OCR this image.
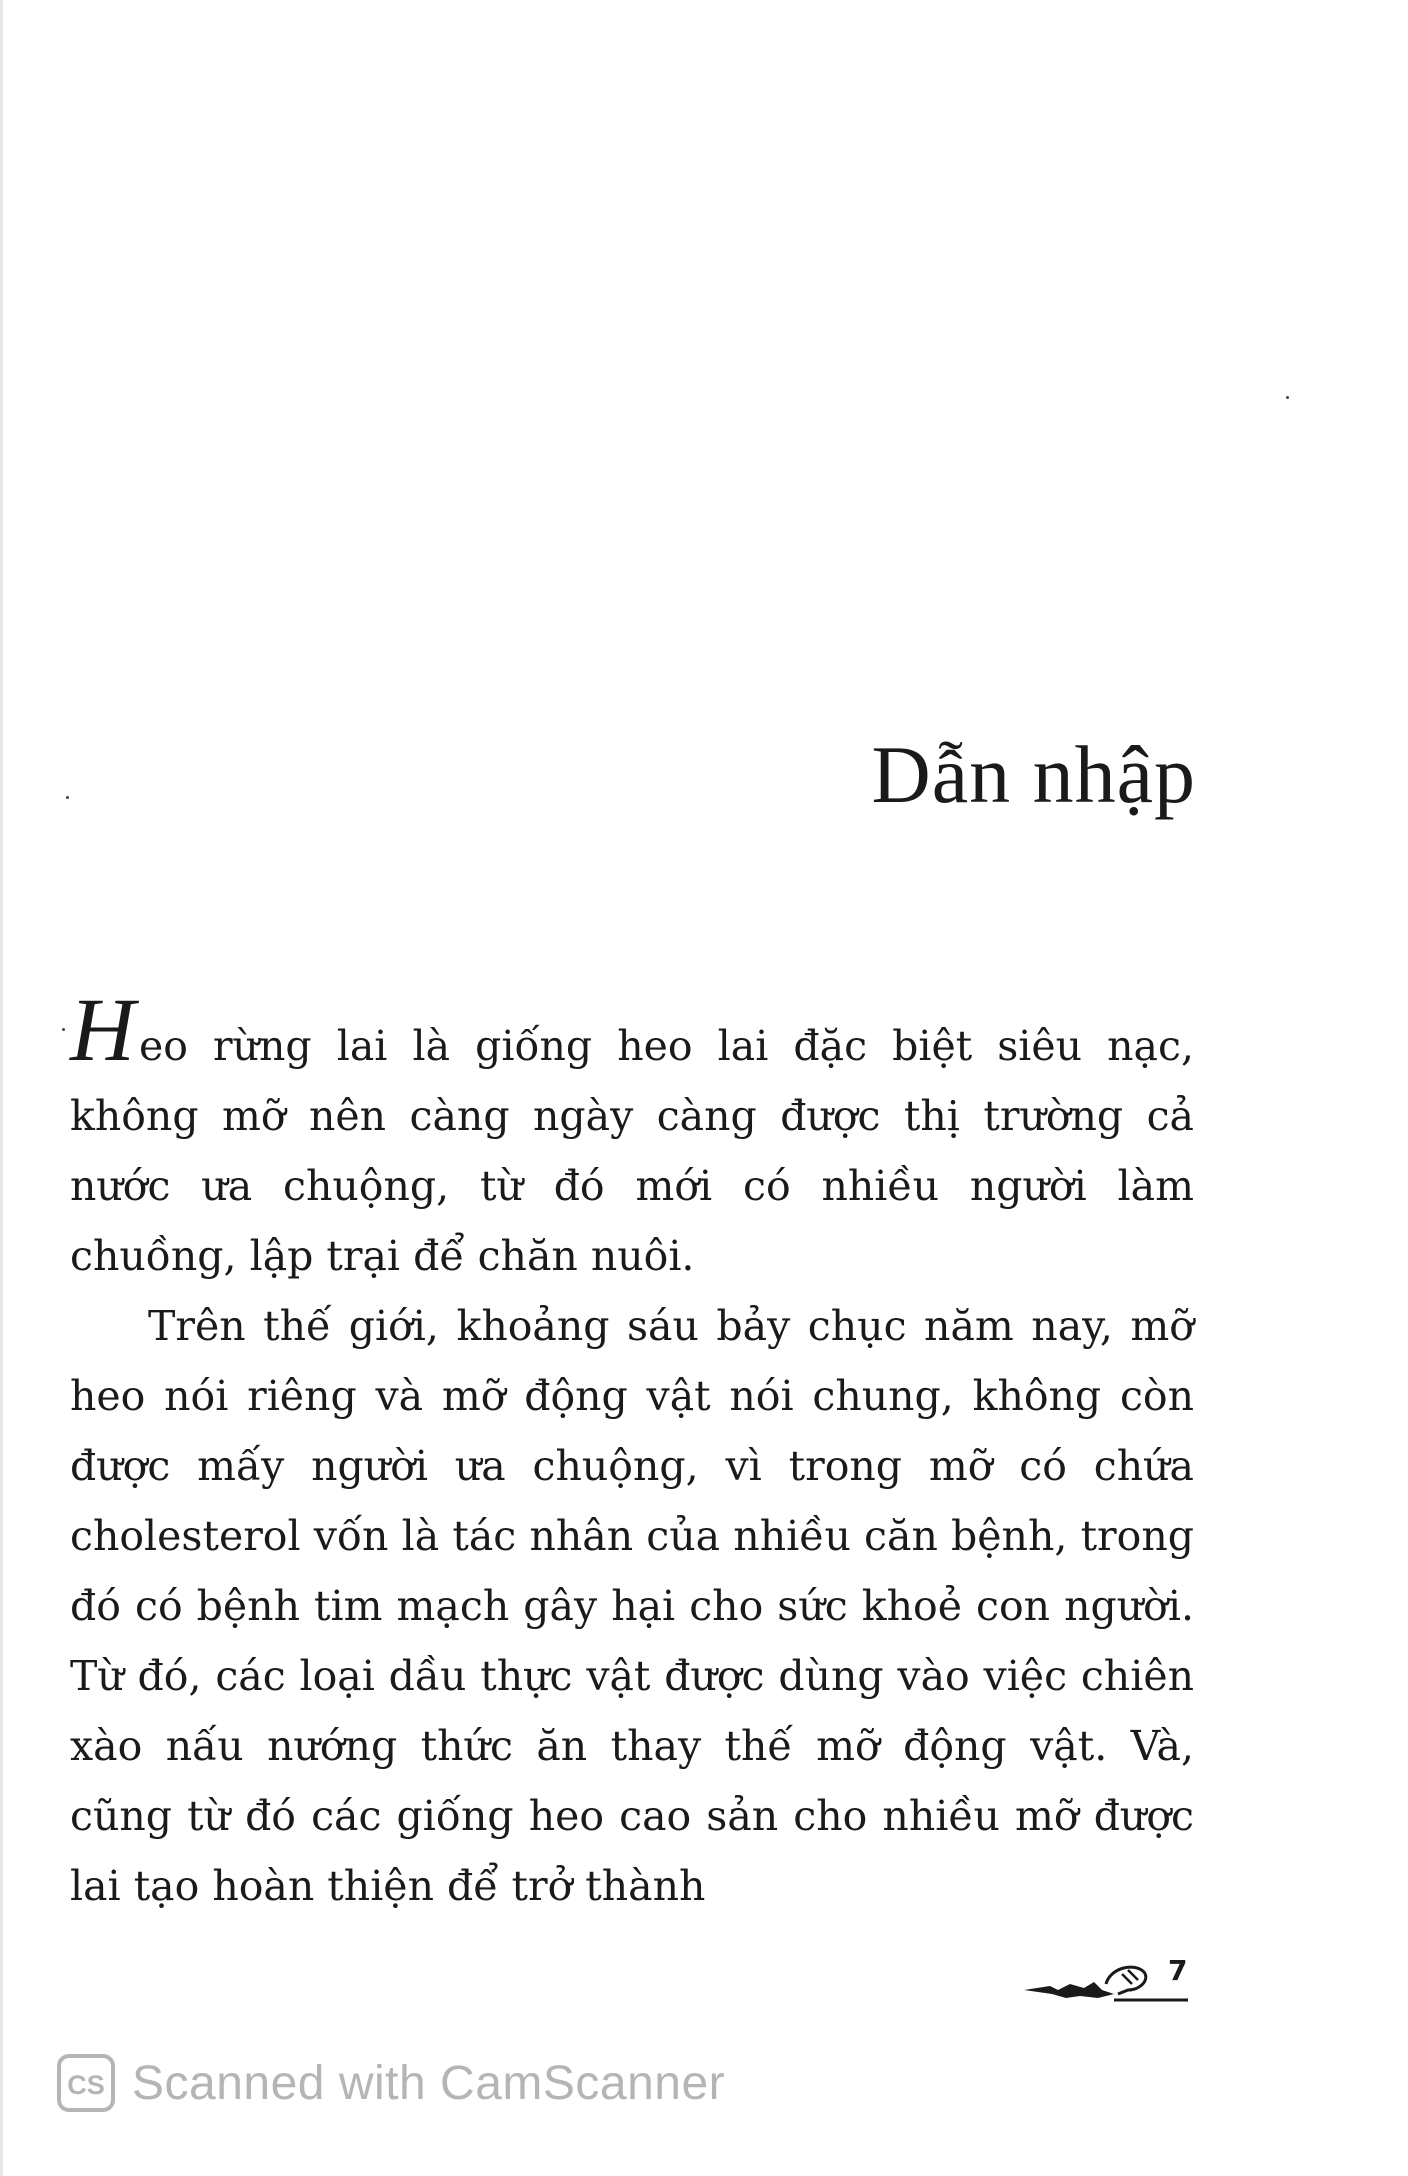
Dẫn nhập

Heo rừng lai là giống heo lai đặc biệt siêu nạc, không mỡ nên càng ngày càng được thị trường cả nước ưa chuộng, từ đó mới có nhiều người làm chuồng, lập trại để chăn nuôi.

Trên thế giới, khoảng sáu bảy chục năm nay, mỡ heo nói riêng và mỡ động vật nói chung, không còn được mấy người ưa chuộng, vì trong mỡ có chứa cholesterol vốn là tác nhân của nhiều căn bệnh, trong đó có bệnh tim mạch gây hại cho sức khoẻ con người. Từ đó, các loại dầu thực vật được dùng vào việc chiên xào nấu nướng thức ăn thay thế mỡ động vật. Và, cũng từ đó các giống heo cao sản cho nhiều mỡ được lai tạo hoàn thiện để trở thành

7
CS Scanned with CamScanner
